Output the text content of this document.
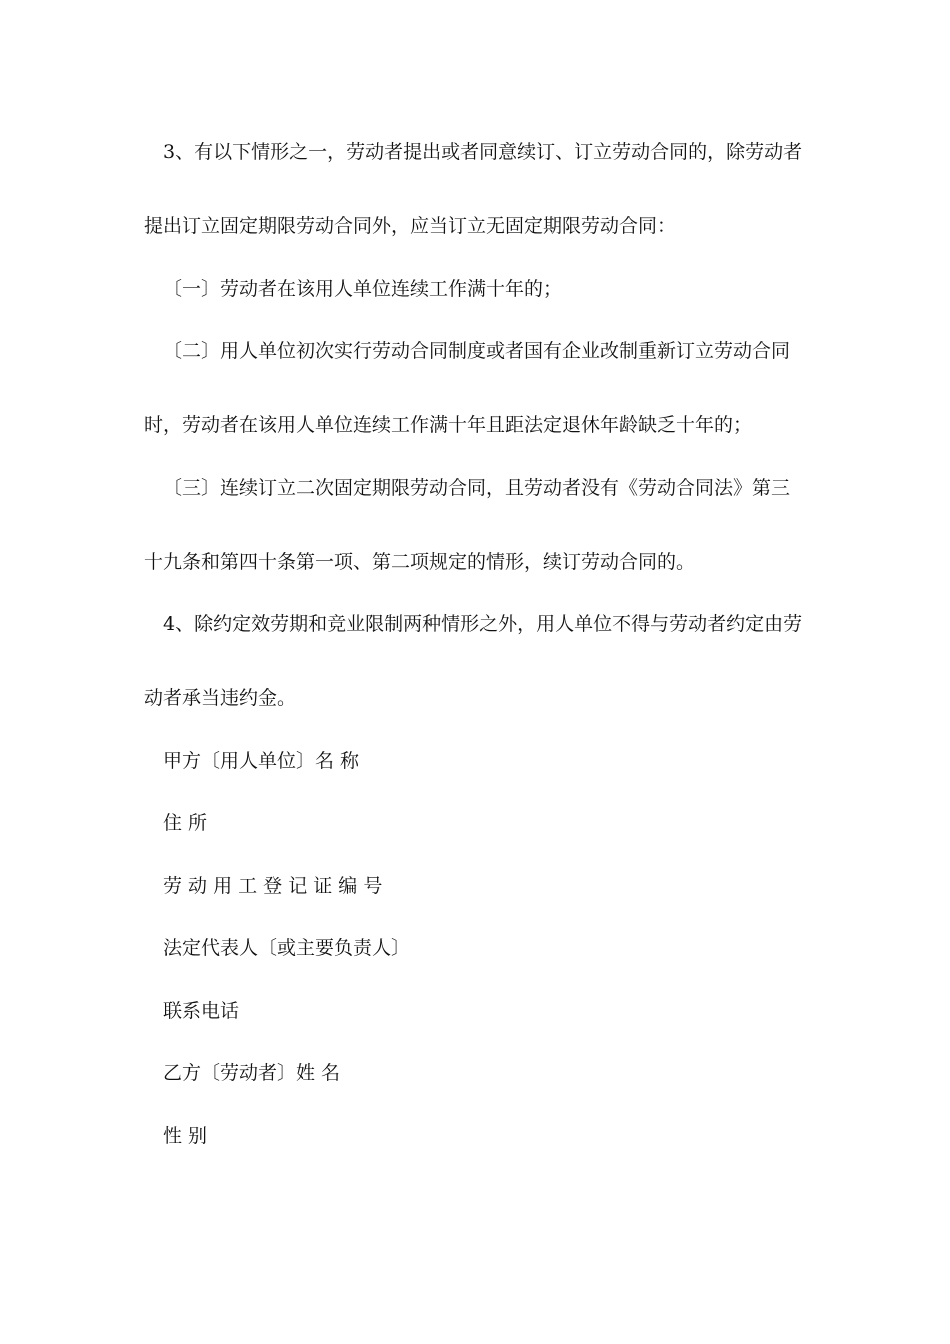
3、有以下情形之一，劳动者提出或者同意续订、订立劳动合同的，除劳动者
提出订立固定期限劳动合同外，应当订立无固定期限劳动合同：
〔一〕劳动者在该用人单位连续工作满十年的；
〔二〕用人单位初次实行劳动合同制度或者国有企业改制重新订立劳动合同
时，劳动者在该用人单位连续工作满十年且距法定退休年龄缺乏十年的；
〔三〕连续订立二次固定期限劳动合同，且劳动者没有《劳动合同法》第三
十九条和第四十条第一项、第二项规定的情形，续订劳动合同的。
4、除约定效劳期和竞业限制两种情形之外，用人单位不得与劳动者约定由劳
动者承当违约金。
甲方〔用人单位〕名 称
住 所
劳 动 用 工 登 记 证 编 号
法定代表人〔或主要负责人〕
联系电话
乙方〔劳动者〕姓 名
性 别
